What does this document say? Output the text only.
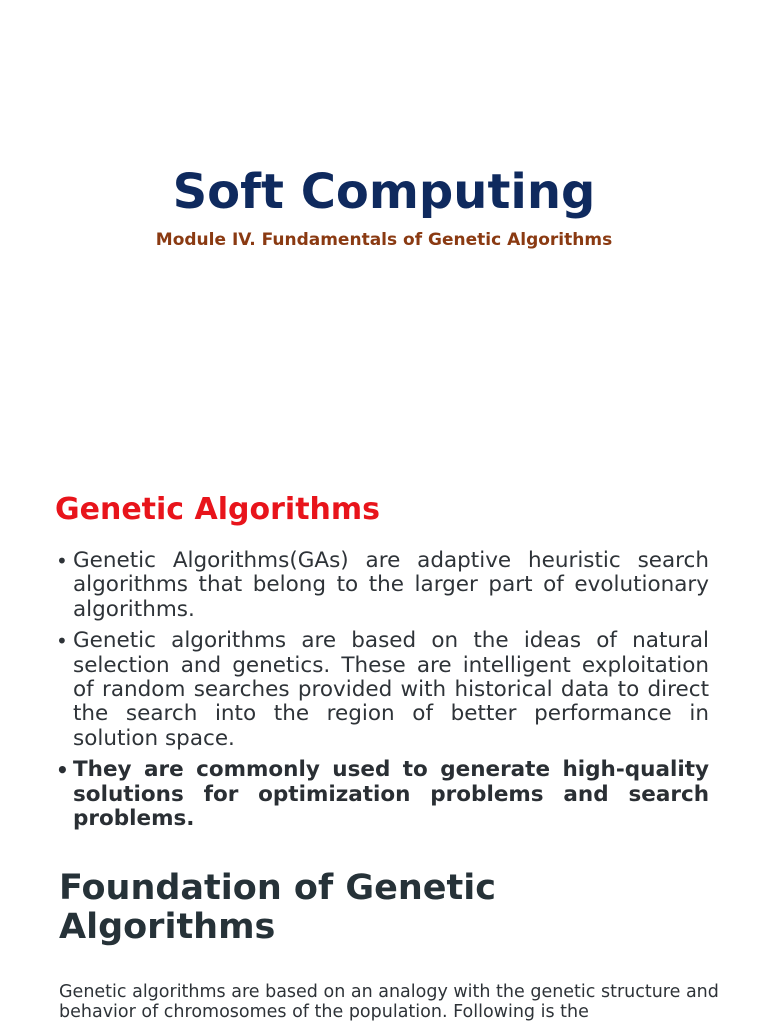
Soft Computing

Module IV. Fundamentals of Genetic Algorithms

Genetic Algorithms
• Genetic Algorithms(GAs) are adaptive heuristic search algorithms that belong to the larger part of evolutionary algorithms.
• Genetic algorithms are based on the ideas of natural selection and genetics. These are intelligent exploitation of random searches provided with historical data to direct the search into the region of better performance in solution space.
• They are commonly used to generate high-quality solutions for optimization problems and search problems.
Foundation of Genetic Algorithms

Genetic algorithms are based on an analogy with the genetic structure and behavior of chromosomes of the population. Following is the
